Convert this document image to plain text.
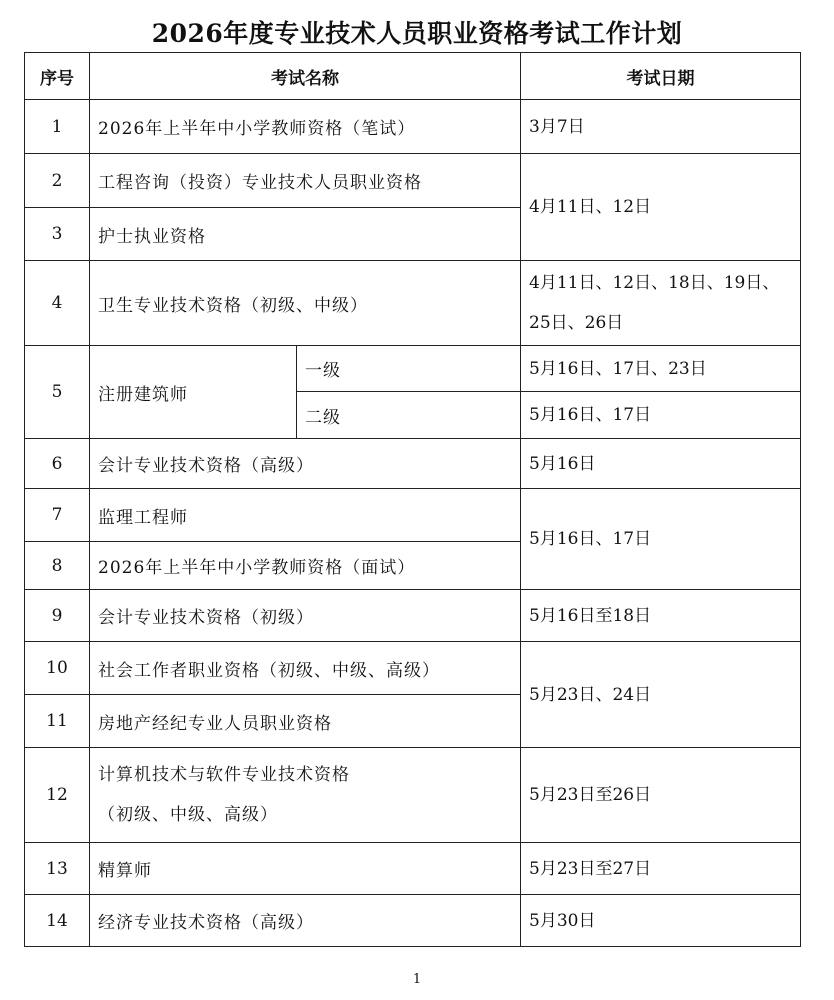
2026年度专业技术人员职业资格考试工作计划
序号	考试名称		考试日期
1	2026年上半年中小学教师资格（笔试）		3月7日
2	工程咨询（投资）专业技术人员职业资格		4月11日、12日
3	护士执业资格		
4	卫生专业技术资格（初级、中级）		4月11日、12日、18日、19日、
25日、26日

5	注册建筑师	一级	5月16日、17日、23日
		二级	5月16日、17日
6	会计专业技术资格（高级）		5月16日
7	监理工程师		5月16日、17日
8	2026年上半年中小学教师资格（面试）		
9	会计专业技术资格（初级）		5月16日至18日
10	社会工作者职业资格（初级、中级、高级）		5月23日、24日
11	房地产经纪专业人员职业资格		
12	计算机技术与软件专业技术资格
（初级、中级、高级）		5月23日至26日
13	精算师		5月23日至27日
14	经济专业技术资格（高级）		5月30日
1
